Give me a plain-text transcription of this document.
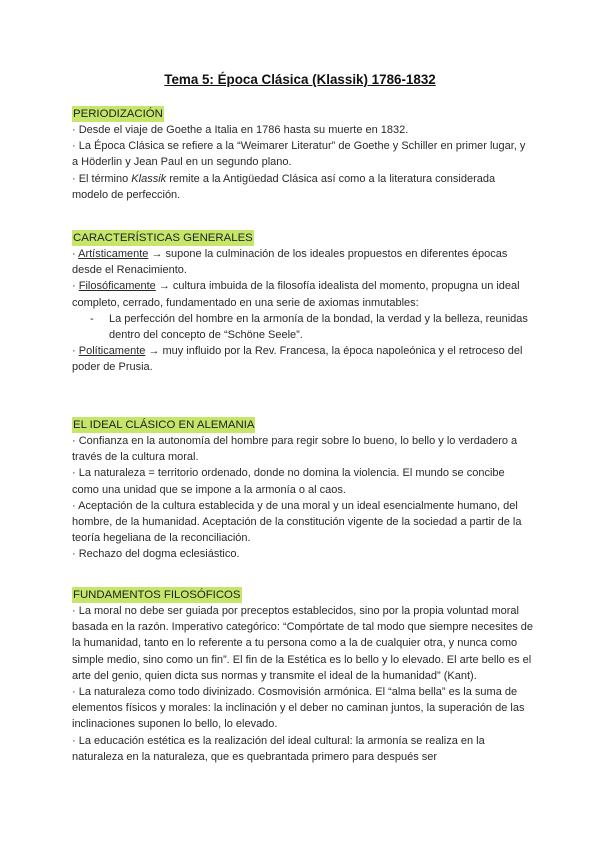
Tema 5: Época Clásica (Klassik) 1786-1832
PERIODIZACIÓN

· Desde el viaje de Goethe a Italia en 1786 hasta su muerte en 1832.

· La Época Clásica se refiere a la “Weimarer Literatur” de Goethe y Schiller en primer lugar, y a Höderlin y Jean Paul en un segundo plano.

· El término Klassik remite a la Antigüedad Clásica así como a la literatura considerada modelo de perfección.

CARACTERÍSTICAS GENERALES

· Artísticamente → supone la culminación de los ideales propuestos en diferentes épocas desde el Renacimiento.

· Filosóficamente → cultura imbuida de la filosofía idealista del momento, propugna un ideal completo, cerrado, fundamentado en una serie de axiomas inmutables:

- La perfección del hombre en la armonía de la bondad, la verdad y la belleza, reunidas dentro del concepto de “Schöne Seele”.

· Políticamente → muy influido por la Rev. Francesa, la época napoleónica y el retroceso del poder de Prusia.

EL IDEAL CLÁSICO EN ALEMANIA

· Confianza en la autonomía del hombre para regir sobre lo bueno, lo bello y lo verdadero a través de la cultura moral.

· La naturaleza = territorio ordenado, donde no domina la violencia. El mundo se concibe como una unidad que se impone a la armonía o al caos.

· Aceptación de la cultura establecida y de una moral y un ideal esencialmente humano, del hombre, de la humanidad. Aceptación de la constitución vigente de la sociedad a partir de la teoría hegeliana de la reconciliación.

· Rechazo del dogma eclesiástico.

FUNDAMENTOS FILOSÓFICOS

· La moral no debe ser guiada por preceptos establecidos, sino por la propia voluntad moral basada en la razón. Imperativo categórico: “Compórtate de tal modo que siempre necesites de la humanidad, tanto en lo referente a tu persona como a la de cualquier otra, y nunca como simple medio, sino como un fin”. El fin de la Estética es lo bello y lo elevado. El arte bello es el arte del genio, quien dicta sus normas y transmite el ideal de la humanidad” (Kant).

· La naturaleza como todo divinizado. Cosmovisión armónica. El “alma bella” es la suma de elementos físicos y morales: la inclinación y el deber no caminan juntos, la superación de las inclinaciones suponen lo bello, lo elevado.

· La educación estética es la realización del ideal cultural: la armonía se realiza en la naturaleza en la naturaleza, que es quebrantada primero para después ser
